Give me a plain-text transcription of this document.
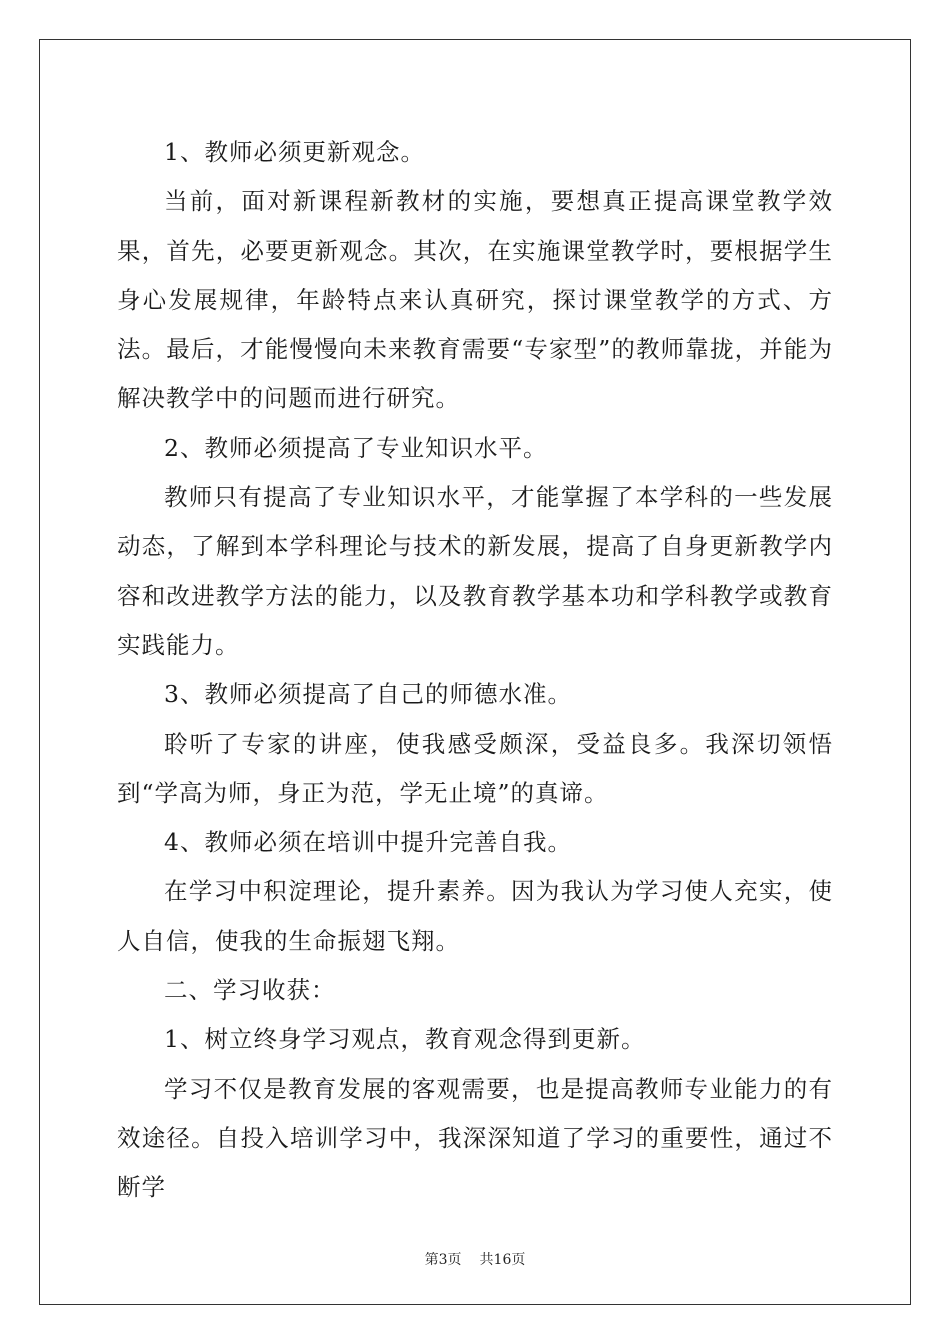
1、教师必须更新观念。

当前，面对新课程新教材的实施，要想真正提高课堂教学效果，首先，必要更新观念。其次，在实施课堂教学时，要根据学生身心发展规律，年龄特点来认真研究，探讨课堂教学的方式、方法。最后，才能慢慢向未来教育需要“专家型”的教师靠拢，并能为解决教学中的问题而进行研究。

2、教师必须提高了专业知识水平。

教师只有提高了专业知识水平，才能掌握了本学科的一些发展动态，了解到本学科理论与技术的新发展，提高了自身更新教学内容和改进教学方法的能力，以及教育教学基本功和学科教学或教育实践能力。

3、教师必须提高了自己的师德水准。

聆听了专家的讲座，使我感受颇深，受益良多。我深切领悟到“学高为师，身正为范，学无止境”的真谛。

4、教师必须在培训中提升完善自我。

在学习中积淀理论，提升素养。因为我认为学习使人充实，使人自信，使我的生命振翅飞翔。

二、学习收获：

1、树立终身学习观点，教育观念得到更新。

学习不仅是教育发展的客观需要，也是提高教师专业能力的有效途径。自投入培训学习中，我深深知道了学习的重要性，通过不断学

第3页 共16页
